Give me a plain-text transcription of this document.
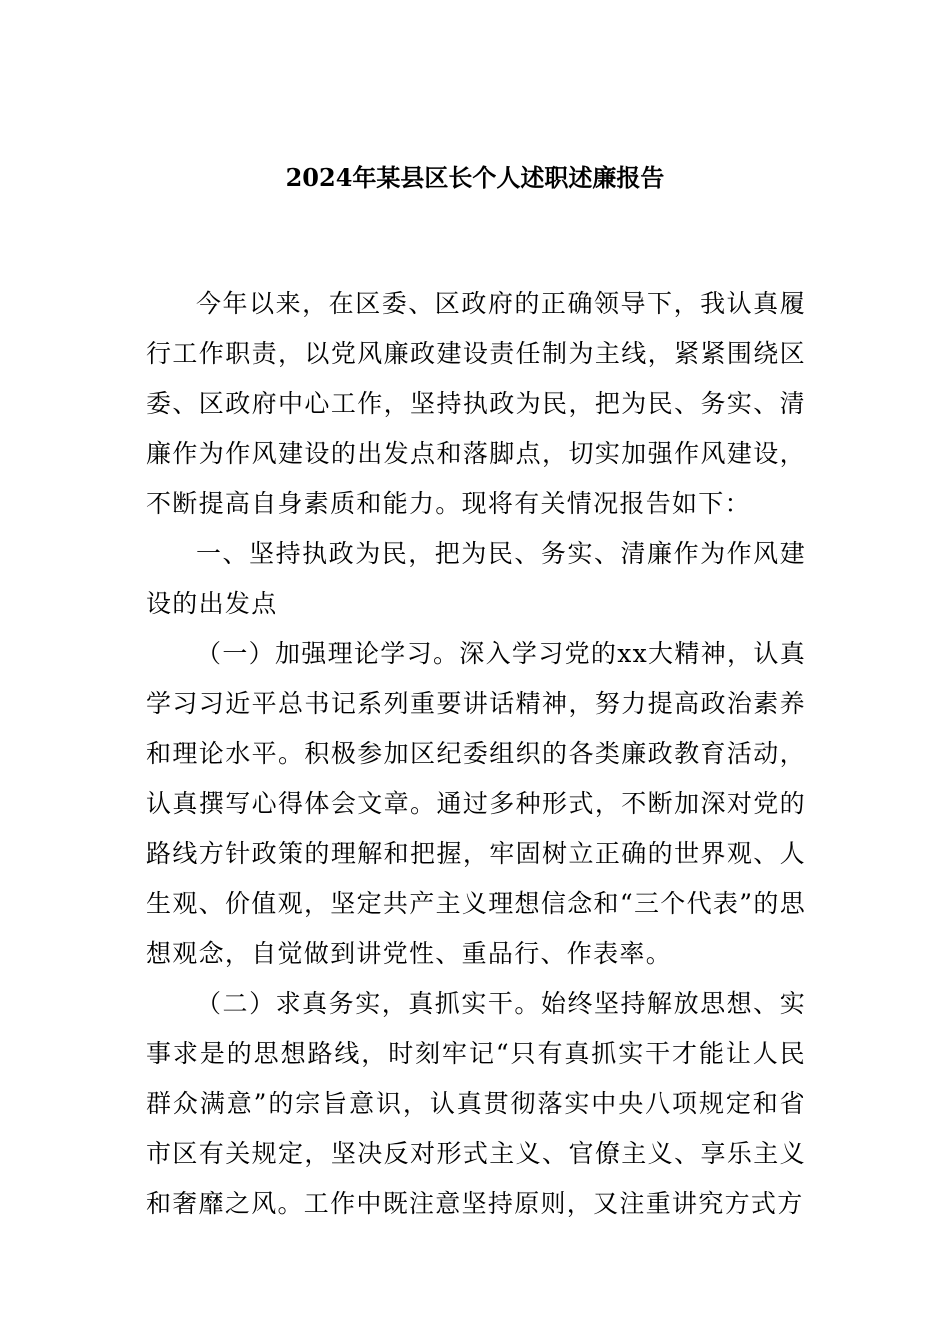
2024年某县区长个人述职述廉报告

今年以来，在区委、区政府的正确领导下，我认真履行工作职责，以党风廉政建设责任制为主线，紧紧围绕区委、区政府中心工作，坚持执政为民，把为民、务实、清廉作为作风建设的出发点和落脚点，切实加强作风建设，不断提高自身素质和能力。现将有关情况报告如下：

一、坚持执政为民，把为民、务实、清廉作为作风建设的出发点

（一）加强理论学习。深入学习党的xx大精神，认真学习习近平总书记系列重要讲话精神，努力提高政治素养和理论水平。积极参加区纪委组织的各类廉政教育活动，认真撰写心得体会文章。通过多种形式，不断加深对党的路线方针政策的理解和把握，牢固树立正确的世界观、人生观、价值观，坚定共产主义理想信念和“三个代表”的思想观念，自觉做到讲党性、重品行、作表率。

（二）求真务实，真抓实干。始终坚持解放思想、实事求是的思想路线，时刻牢记“只有真抓实干才能让人民群众满意”的宗旨意识，认真贯彻落实中央八项规定和省市区有关规定，坚决反对形式主义、官僚主义、享乐主义和奢靡之风。工作中既注意坚持原则，又注重讲究方式方
